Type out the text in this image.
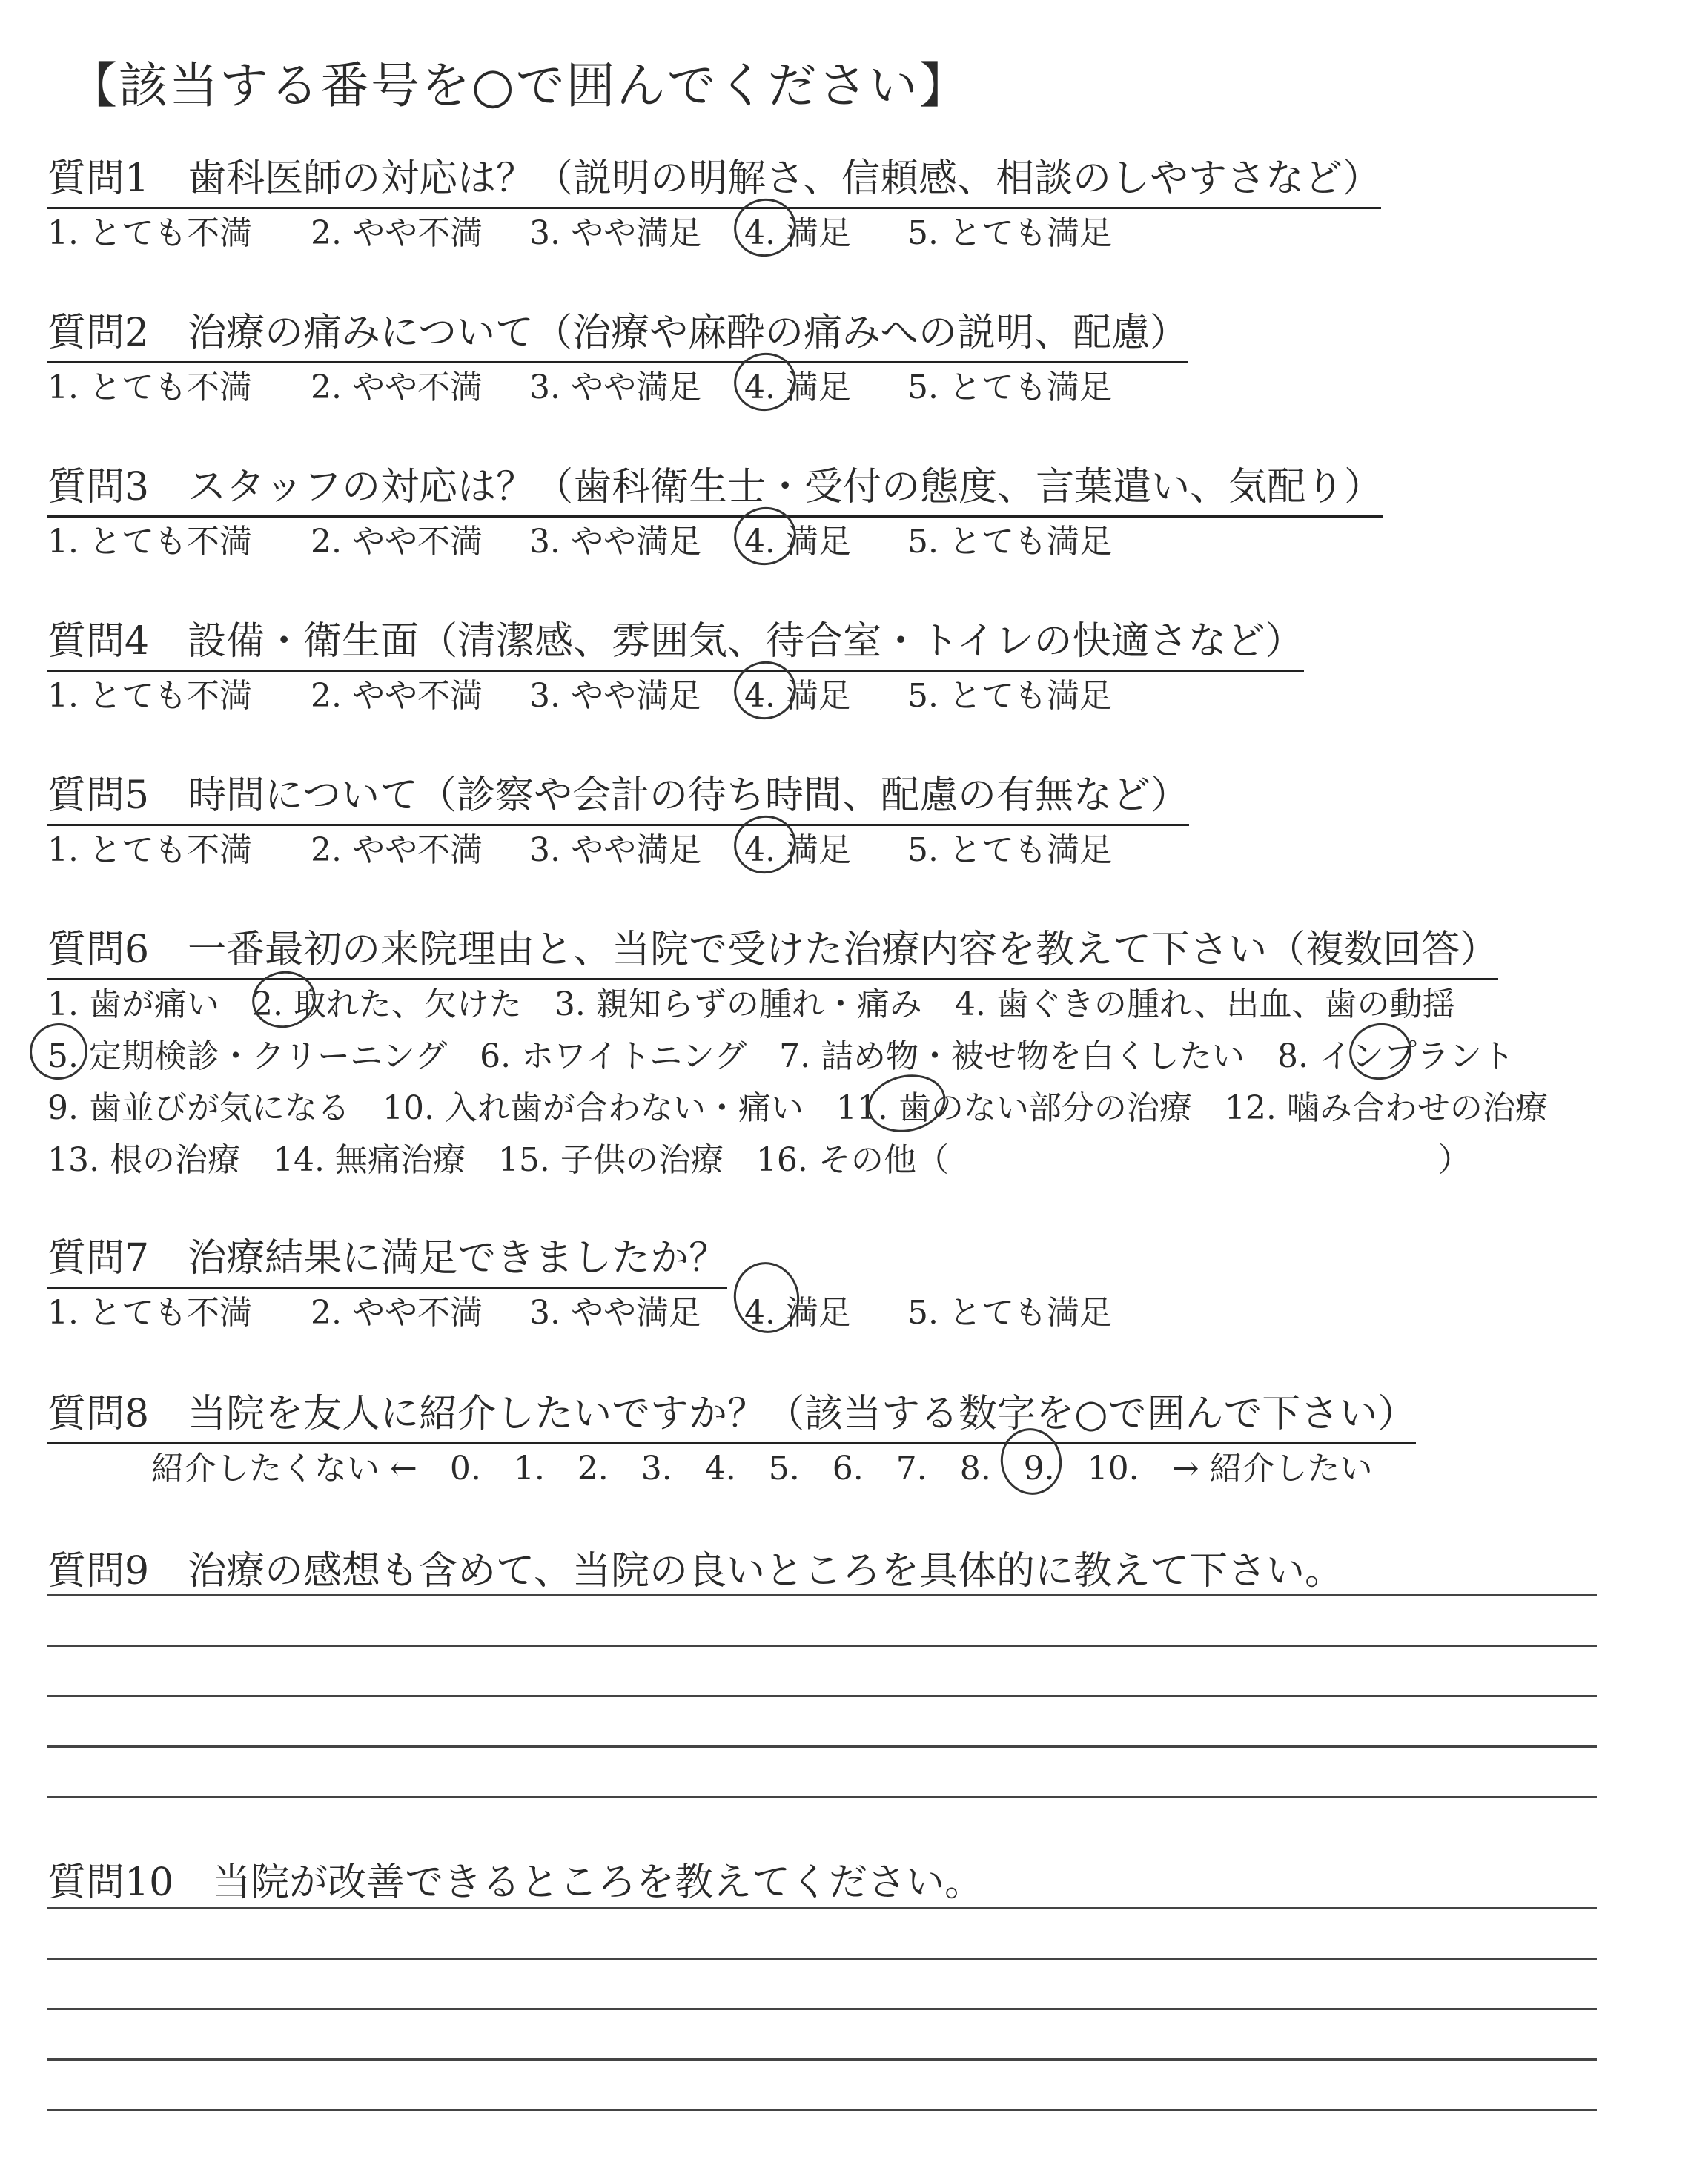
【該当する番号を○で囲んでください】
質問1　歯科医師の対応は？（説明の明解さ、信頼感、相談のしやすさなど）
1. とても不満 2. やや不満 3. やや満足 4. 満足 5. とても満足
質問2　治療の痛みについて（治療や麻酔の痛みへの説明、配慮）
1. とても不満 2. やや不満 3. やや満足 4. 満足 5. とても満足
質問3　スタッフの対応は？（歯科衛生士・受付の態度、言葉遣い、気配り）
1. とても不満 2. やや不満 3. やや満足 4. 満足 5. とても満足
質問4　設備・衛生面（清潔感、雰囲気、待合室・トイレの快適さなど）
1. とても不満 2. やや不満 3. やや満足 4. 満足 5. とても満足
質問5　時間について（診察や会計の待ち時間、配慮の有無など）
1. とても不満 2. やや不満 3. やや満足 4. 満足 5. とても満足
質問6　一番最初の来院理由と、当院で受けた治療内容を教えて下さい（複数回答）
1. 歯が痛い　2. 取れた、欠けた　3. 親知らずの腫れ・痛み　4. 歯ぐきの腫れ、出血、歯の動揺
5. 定期検診・クリーニング　6. ホワイトニング　7. 詰め物・被せ物を白くしたい　8. インプラント
9. 歯並びが気になる　10. 入れ歯が合わない・痛い　11. 歯のない部分の治療　12. 噛み合わせの治療
13. 根の治療　14. 無痛治療　15. 子供の治療　16. その他（　　　　　　　　　　　　　　　）
質問7　治療結果に満足できましたか？
1. とても不満 2. やや不満 3. やや満足 4. 満足 5. とても満足
質問8　当院を友人に紹介したいですか？（該当する数字を○で囲んで下さい）
紹介したくない ←　0.　1.　2.　3.　4.　5.　6.　7.　8.　9.　10.　→ 紹介したい
質問9　治療の感想も含めて、当院の良いところを具体的に教えて下さい。
質問10　当院が改善できるところを教えてください。
